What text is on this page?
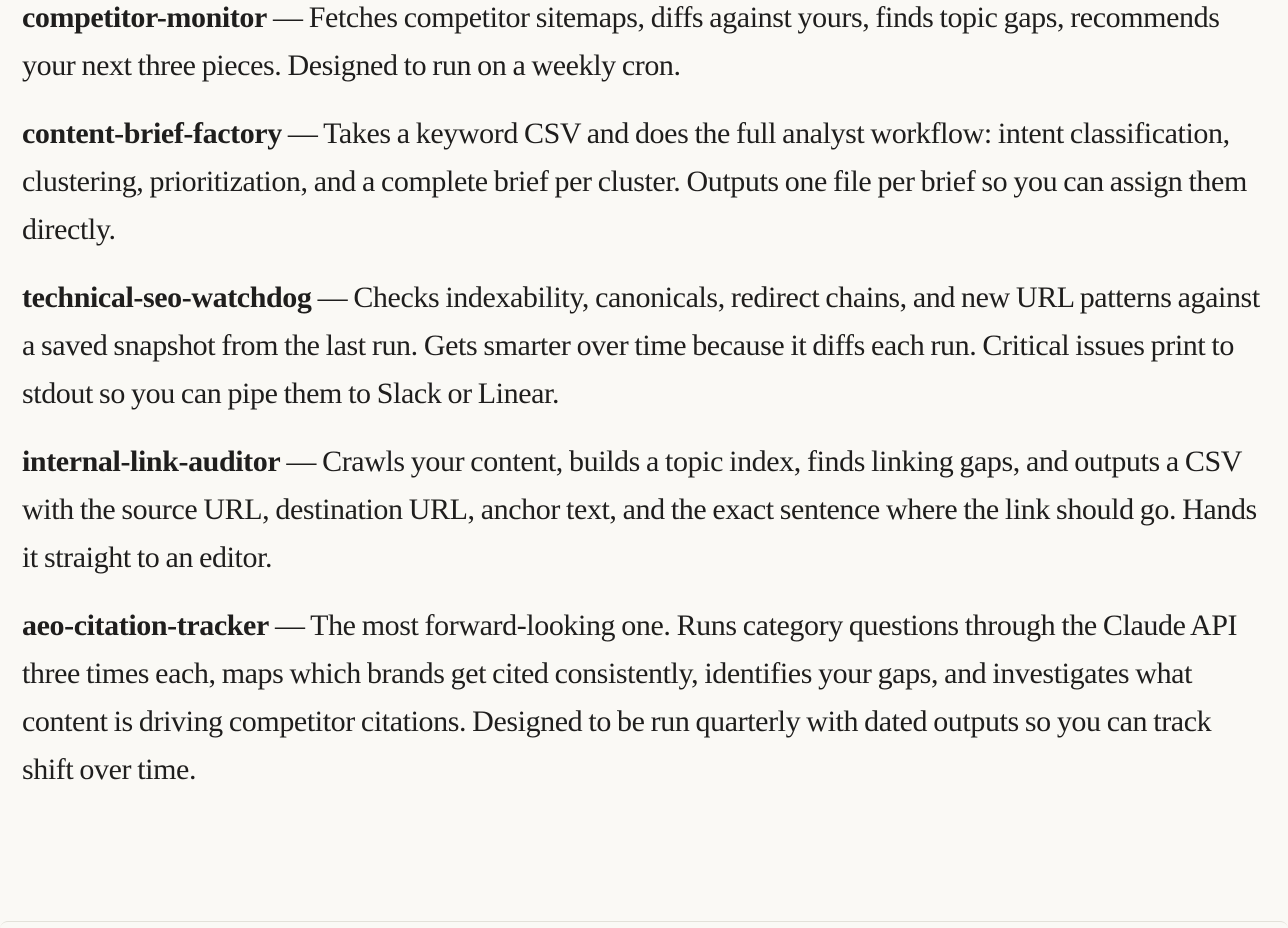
competitor-monitor — Fetches competitor sitemaps, diffs against yours, finds topic gaps, recommends your next three pieces. Designed to run on a weekly cron.

content-brief-factory — Takes a keyword CSV and does the full analyst workflow: intent classification, clustering, prioritization, and a complete brief per cluster. Outputs one file per brief so you can assign them directly.

technical-seo-watchdog — Checks indexability, canonicals, redirect chains, and new URL patterns against a saved snapshot from the last run. Gets smarter over time because it diffs each run. Critical issues print to stdout so you can pipe them to Slack or Linear.

internal-link-auditor — Crawls your content, builds a topic index, finds linking gaps, and outputs a CSV with the source URL, destination URL, anchor text, and the exact sentence where the link should go. Hands it straight to an editor.

aeo-citation-tracker — The most forward-looking one. Runs category questions through the Claude API three times each, maps which brands get cited consistently, identifies your gaps, and investigates what content is driving competitor citations. Designed to be run quarterly with dated outputs so you can track shift over time.
